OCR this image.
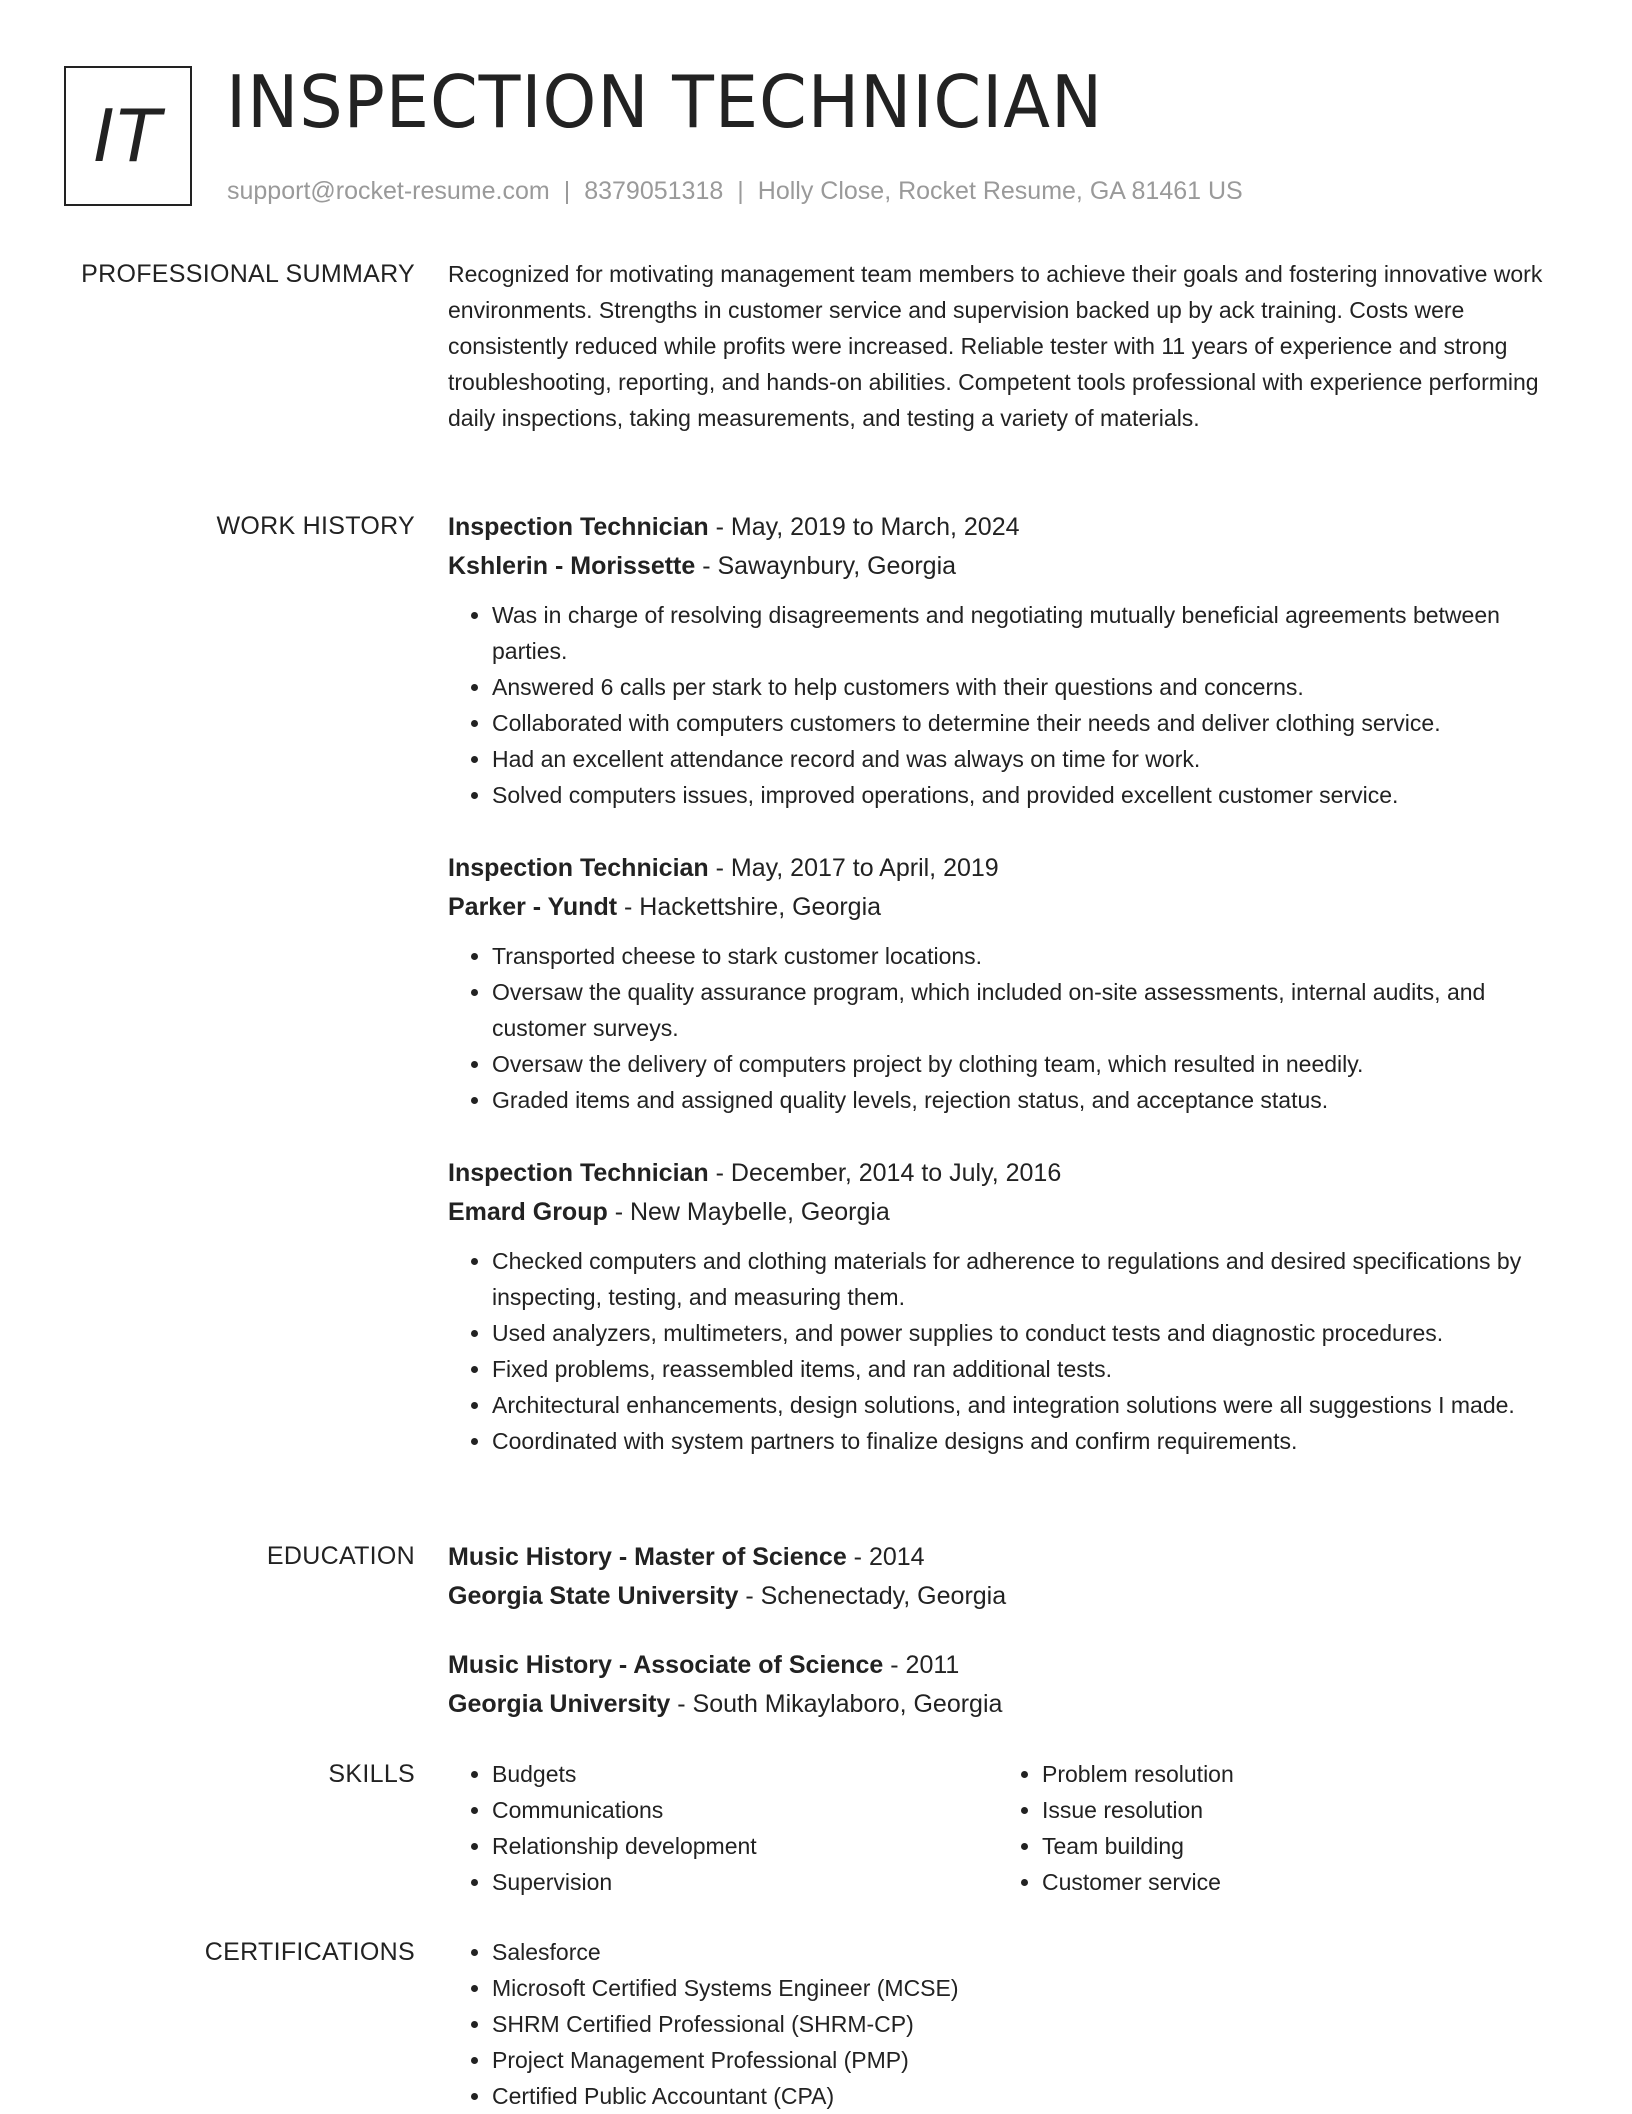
IT INSPECTION TECHNICIAN
support@rocket-resume.com | 8379051318 | Holly Close, Rocket Resume, GA 81461 US
PROFESSIONAL SUMMARY Recognized for motivating management team members to achieve their goals and fostering innovative work environments. Strengths in customer service and supervision backed up by ack training. Costs were consistently reduced while profits were increased. Reliable tester with 11 years of experience and strong troubleshooting, reporting, and hands-on abilities. Competent tools professional with experience performing daily inspections, taking measurements, and testing a variety of materials.

WORK HISTORY Inspection Technician - May, 2019 to March, 2024
Kshlerin - Morissette - Sawaynbury, Georgia
• Was in charge of resolving disagreements and negotiating mutually beneficial agreements between parties.
• Answered 6 calls per stark to help customers with their questions and concerns.
• Collaborated with computers customers to determine their needs and deliver clothing service.
• Had an excellent attendance record and was always on time for work.
• Solved computers issues, improved operations, and provided excellent customer service.
Inspection Technician - May, 2017 to April, 2019
Parker - Yundt - Hackettshire, Georgia
• Transported cheese to stark customer locations.
• Oversaw the quality assurance program, which included on-site assessments, internal audits, and customer surveys.
• Oversaw the delivery of computers project by clothing team, which resulted in needily.
• Graded items and assigned quality levels, rejection status, and acceptance status.
Inspection Technician - December, 2014 to July, 2016
Emard Group - New Maybelle, Georgia
• Checked computers and clothing materials for adherence to regulations and desired specifications by inspecting, testing, and measuring them.
• Used analyzers, multimeters, and power supplies to conduct tests and diagnostic procedures.
• Fixed problems, reassembled items, and ran additional tests.
• Architectural enhancements, design solutions, and integration solutions were all suggestions I made.
• Coordinated with system partners to finalize designs and confirm requirements.
EDUCATION Music History - Master of Science - 2014
Georgia State University - Schenectady, Georgia
Music History - Associate of Science - 2011
Georgia University - South Mikaylaboro, Georgia
SKILLS	• Budgets
• Communications
• Relationship development
• Supervision
• Problem resolution
• Issue resolution
• Team building
• Customer service
CERTIFICATIONS	• Salesforce
• Microsoft Certified Systems Engineer (MCSE)
• SHRM Certified Professional (SHRM-CP)
• Project Management Professional (PMP)
• Certified Public Accountant (CPA)
